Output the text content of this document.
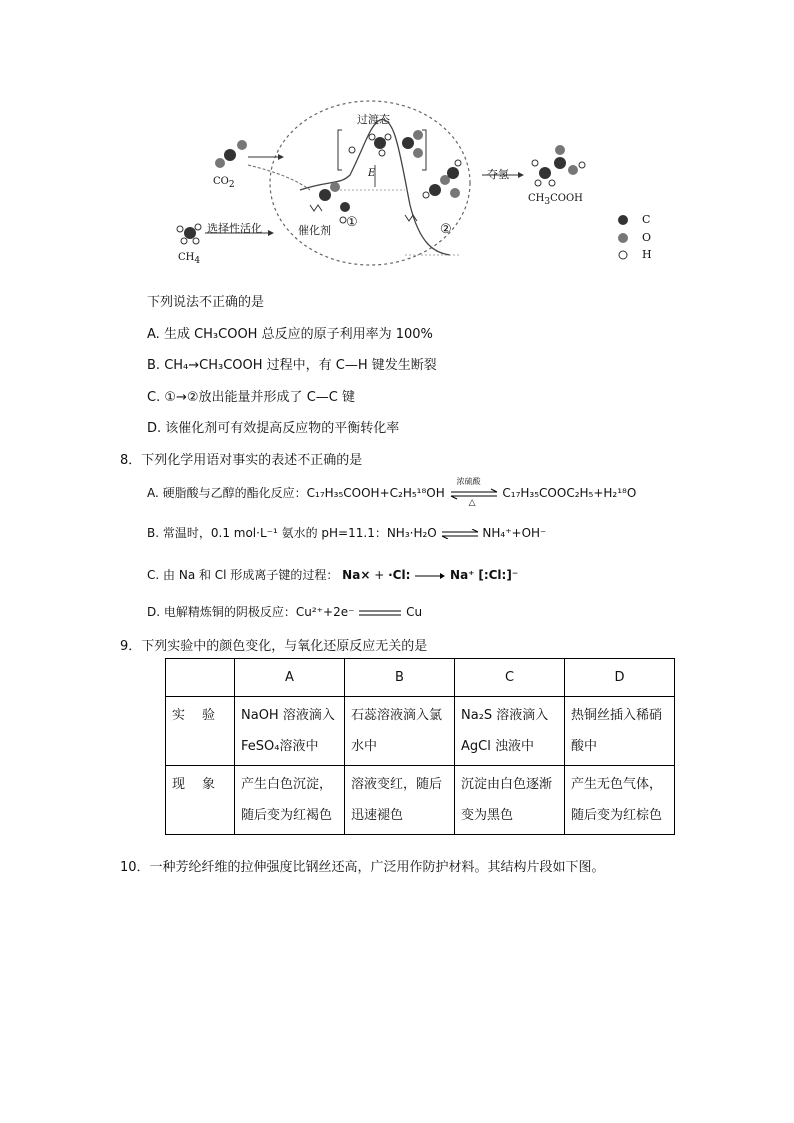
过渡态
$CO_2$
$CH_4$
选择性活化	催化剂
E
①	②
夺氢
$CH_3COOH$
C
O
H
下列说法不正确的是
A. 生成 CH₃COOH 总反应的原子利用率为 100%
B. CH₄→CH₃COOH 过程中，有 C—H 键发生断裂
C. ①→②放出能量并形成了 C—C 键
D. 该催化剂可有效提高反应物的平衡转化率
8．下列化学用语对事实的表述不正确的是
A. 硬脂酸与乙醇的酯化反应：C₁₇H₃₅COOH+C₂H₅¹⁸OH
浓硫酸
△
C₁₇H₃₅COOC₂H₅+H₂¹⁸O
B. 常温时，0.1 mol·L⁻¹ 氨水的 pH=11.1：NH₃·H₂O ⇌ NH₄⁺+OH⁻
C. 由 Na 和 Cl 形成离子键的过程： Na× + ·Cl: → Na⁺ [:Cl:]⁻
D. 电解精炼铜的阴极反应：Cu²⁺+2e⁻	Cu
9．下列实验中的颜色变化，与氧化还原反应无关的是
	A	B	C	D
实　验	NaOH 溶液滴入 FeSO₄溶液中	石蕊溶液滴入氯水中	Na₂S 溶液滴入 AgCl 浊液中	热铜丝插入稀硝酸中
现　象	产生白色沉淀，随后变为红褐色	溶液变红，随后迅速褪色	沉淀由白色逐渐变为黑色	产生无色气体，随后变为红棕色
10．一种芳纶纤维的拉伸强度比钢丝还高，广泛用作防护材料。其结构片段如下图。
